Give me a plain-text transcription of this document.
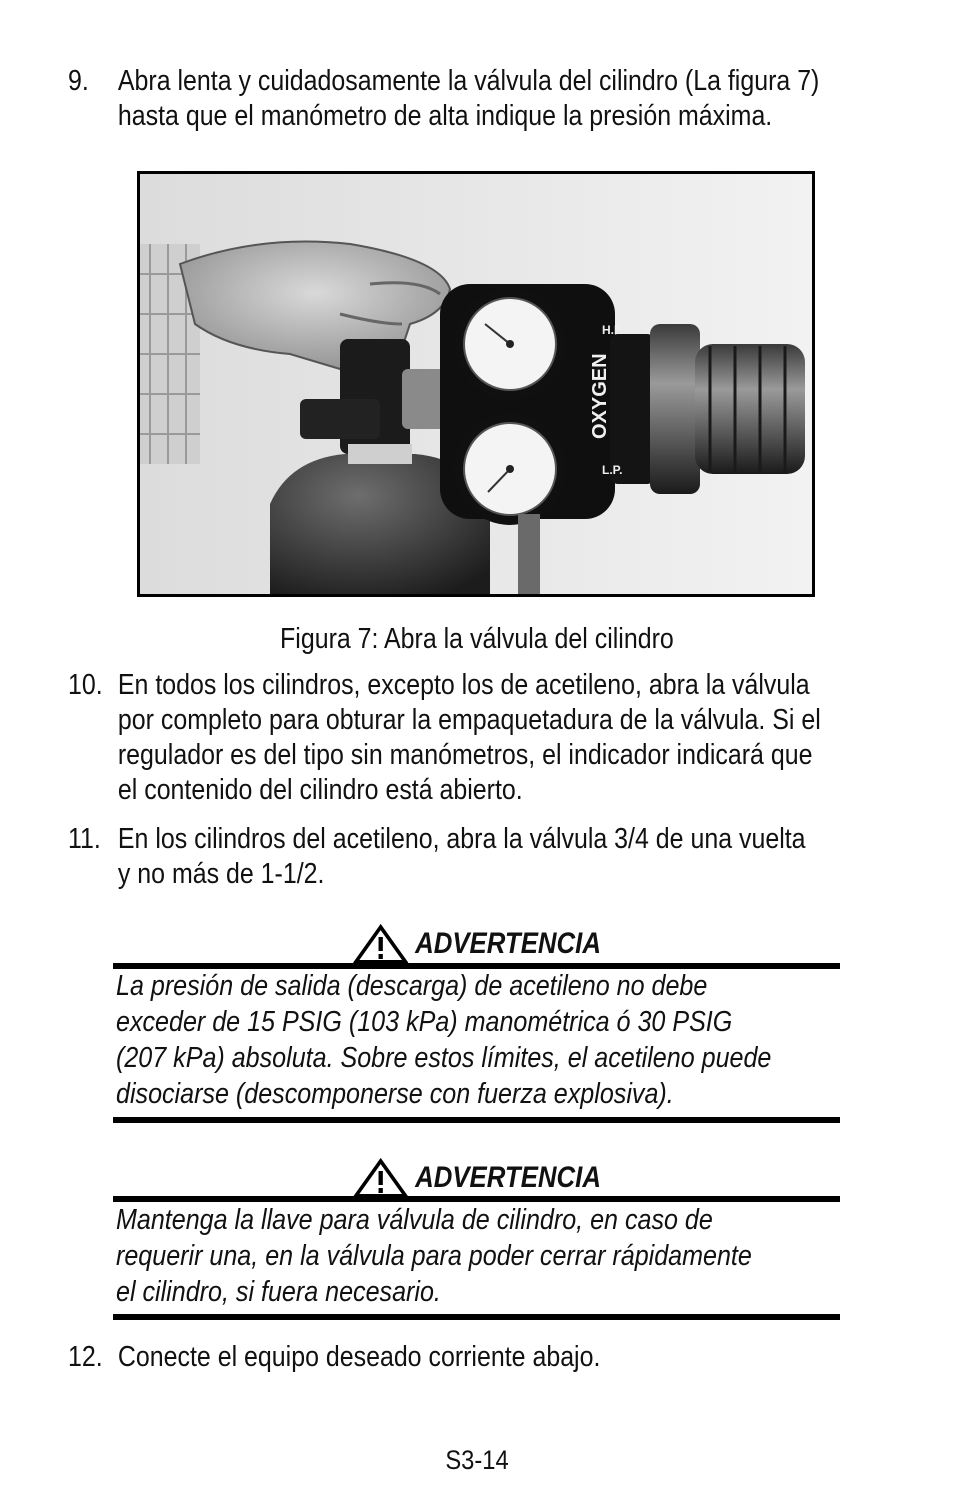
9. Abra lenta y cuidadosamente la válvula del cilindro (La figura 7)
hasta que el manómetro de alta indique la presión máxima.
H.P.
L.P.
OXYGEN
Figura 7: Abra la válvula del cilindro
10. En todos los cilindros, excepto los de acetileno, abra la válvula
por completo para obturar la empaquetadura de la válvula. Si el
regulador es del tipo sin manómetros, el indicador indicará que
el contenido del cilindro está abierto.
11. En los cilindros del acetileno, abra la válvula 3/4 de una vuelta
y no más de 1-1/2.
ADVERTENCIA

La presión de salida (descarga) de acetileno no debe

exceder de 15 PSIG (103 kPa) manométrica ó 30 PSIG

(207 kPa) absoluta. Sobre estos límites, el acetileno puede

disociarse (descomponerse con fuerza explosiva).

ADVERTENCIA

Mantenga la llave para válvula de cilindro, en caso de

requerir una, en la válvula para poder cerrar rápidamente

el cilindro, si fuera necesario.

12. Conecte el equipo deseado corriente abajo.
S3-14
